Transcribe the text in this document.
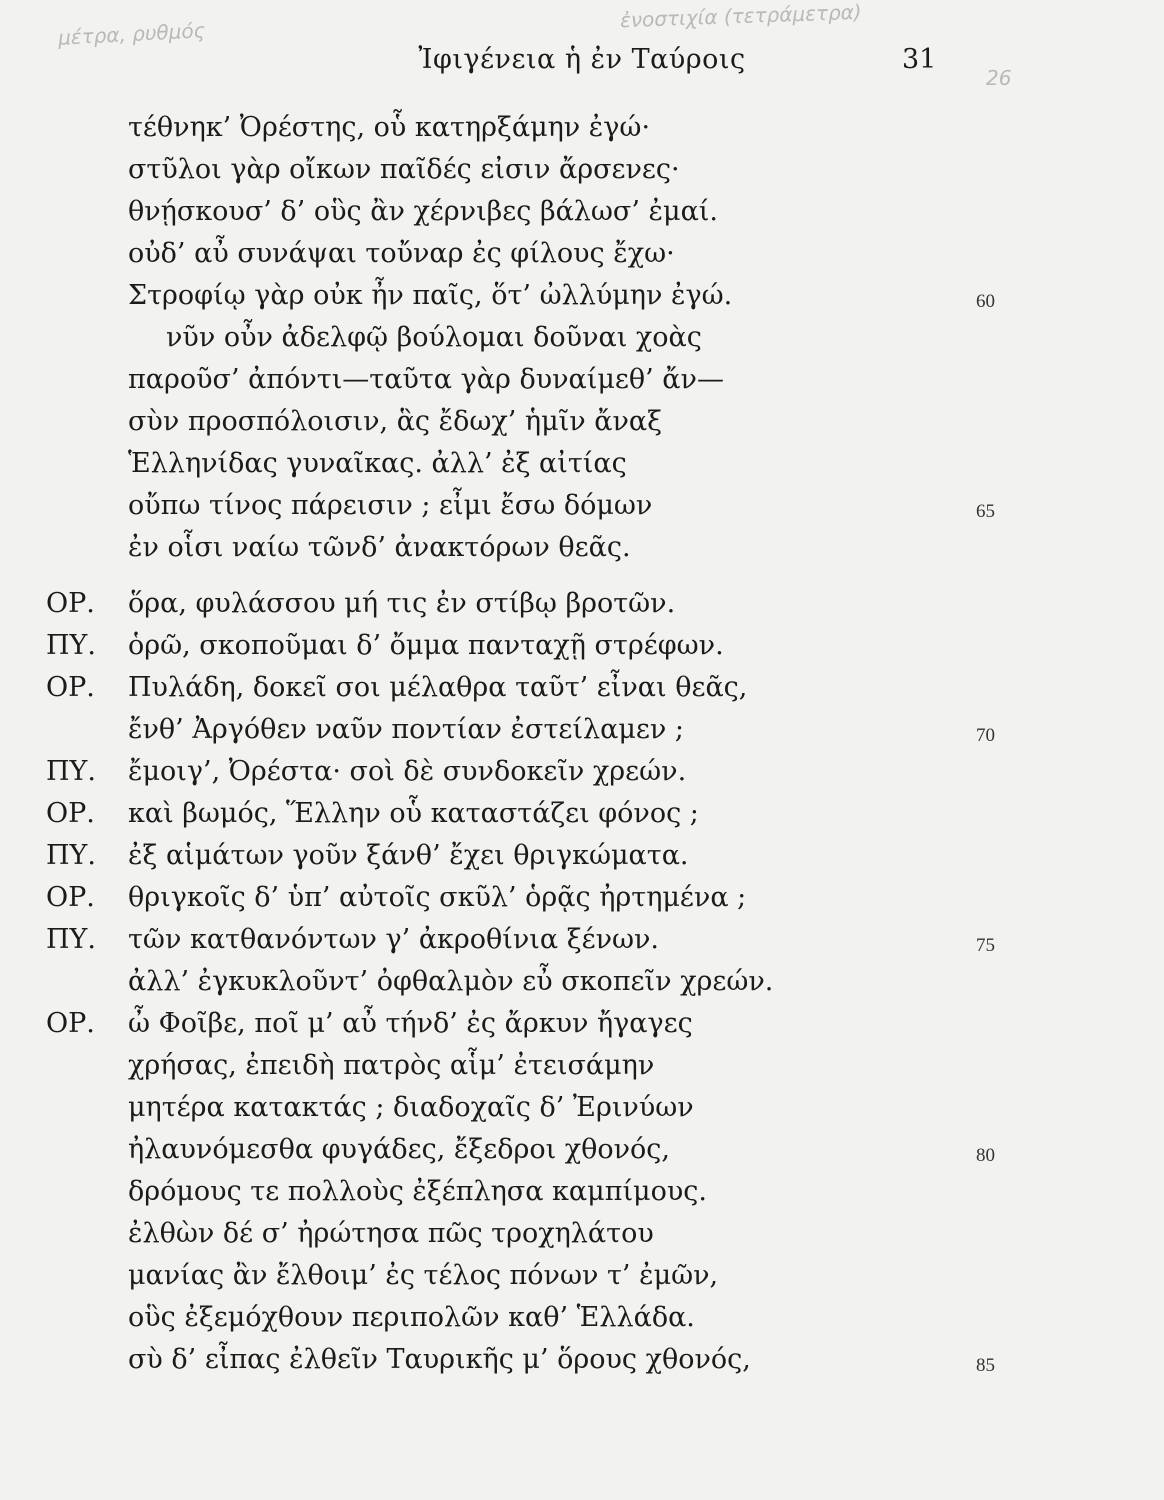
μέτρα, ρυθμός
ἐνοστιχία (τετράμετρα)
26
Ἰφιγένεια ἡ ἐν Ταύροις	31
τέθνηκ’ Ὀρέστης, οὗ κατηρξάμην ἐγώ·
στῦλοι γὰρ οἴκων παῖδές εἰσιν ἄρσενες·
θνῄσκουσ’ δ’ οὓς ἂν χέρνιβες βάλωσ’ ἐμαί.
οὐδ’ αὖ συνάψαι τοὔναρ ἐς φίλους ἔχω·
Στροφίῳ γὰρ οὐκ ἦν παῖς, ὅτ’ ὠλλύμην ἐγώ.	60
νῦν οὖν ἀδελφῷ βούλομαι δοῦναι χοὰς
παροῦσ’ ἀπόντι—ταῦτα γὰρ δυναίμεθ’ ἄν—
σὺν προσπόλοισιν, ἃς ἔδωχ’ ἡμῖν ἄναξ
Ἑλληνίδας γυναῖκας. ἀλλ’ ἐξ αἰτίας
οὔπω τίνος πάρεισιν ; εἶμι ἔσω δόμων	65
ἐν οἷσι ναίω τῶνδ’ ἀνακτόρων θεᾶς.
ΟΡ.	ὅρα, φυλάσσου μή τις ἐν στίβῳ βροτῶν.
ΠΥ.	ὁρῶ, σκοποῦμαι δ’ ὄμμα πανταχῇ στρέφων.
ΟΡ.	Πυλάδη, δοκεῖ σοι μέλαθρα ταῦτ’ εἶναι θεᾶς,
ἔνθ’ Ἀργόθεν ναῦν ποντίαν ἐστείλαμεν ;	70
ΠΥ.	ἔμοιγ’, Ὀρέστα· σοὶ δὲ συνδοκεῖν χρεών.
ΟΡ.	καὶ βωμός, Ἕλλην οὗ καταστάζει φόνος ;
ΠΥ.	ἐξ αἱμάτων γοῦν ξάνθ’ ἔχει θριγκώματα.
ΟΡ.	θριγκοῖς δ’ ὑπ’ αὐτοῖς σκῦλ’ ὁρᾷς ἠρτημένα ;
ΠΥ.	τῶν κατθανόντων γ’ ἀκροθίνια ξένων.	75
ἀλλ’ ἐγκυκλοῦντ’ ὀφθαλμὸν εὖ σκοπεῖν χρεών.
ΟΡ.	ὦ Φοῖβε, ποῖ μ’ αὖ τήνδ’ ἐς ἄρκυν ἤγαγες
χρήσας, ἐπειδὴ πατρὸς αἷμ’ ἐτεισάμην
μητέρα κατακτάς ; διαδοχαῖς δ’ Ἐρινύων
ἠλαυνόμεσθα φυγάδες, ἔξεδροι χθονός,	80
δρόμους τε πολλοὺς ἐξέπλησα καμπίμους.
ἐλθὼν δέ σ’ ἠρώτησα πῶς τροχηλάτου
μανίας ἂν ἔλθοιμ’ ἐς τέλος πόνων τ’ ἐμῶν,
οὓς ἐξεμόχθουν περιπολῶν καθ’ Ἑλλάδα.
σὺ δ’ εἶπας ἐλθεῖν Ταυρικῆς μ’ ὅρους χθονός,	85
